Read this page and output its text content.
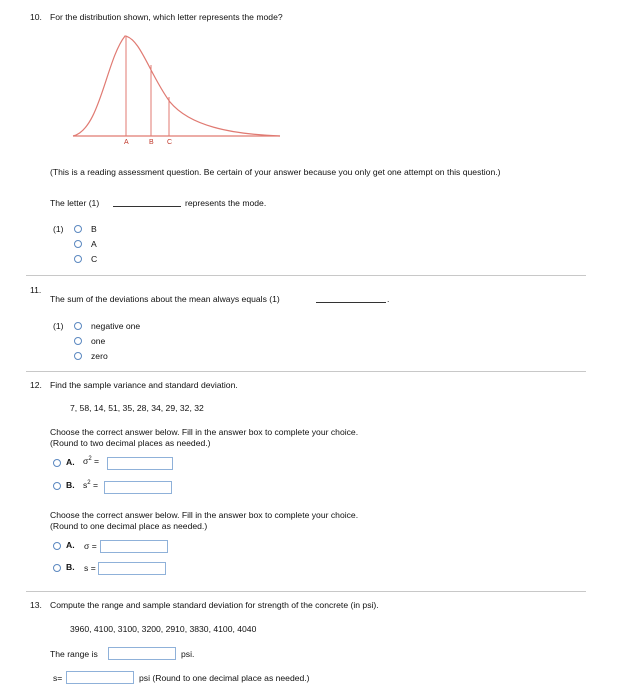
10. For the distribution shown, which letter represents the mode?
A	B C
(This is a reading assessment question. Be certain of your answer because you only get one attempt on this question.)
The letter (1)	represents the mode.
(1)	B
A
C
11.
The sum of the deviations about the mean always equals (1)	.
(1)	negative one
one
zero
12. Find the sample variance and standard deviation.
7, 58, 14, 51, 35, 28, 34, 29, 32, 32
Choose the correct answer below. Fill in the answer box to complete your choice.
(Round to two decimal places as needed.)
A. $\sigma^2$ =
B. $s^2$ =
Choose the correct answer below. Fill in the answer box to complete your choice.
(Round to one decimal place as needed.)
A. σ =
B. s =
13. Compute the range and sample standard deviation for strength of the concrete (in psi).
3960, 4100, 3100, 3200, 2910, 3830, 4100, 4040
The range is	psi.
s=	psi (Round to one decimal place as needed.)
